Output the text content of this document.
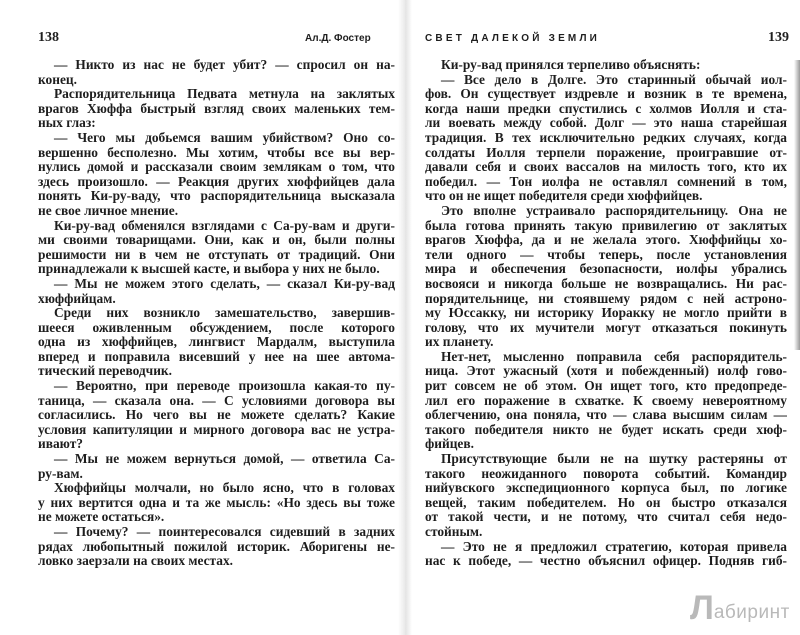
138	Ал.Д. Фостер	СВЕТ ДАЛЕКОЙ ЗЕМЛИ	139
— Никто из нас не будет убит? — спросил он на-
конец.
Распорядительница Педвата метнула на заклятых
врагов Хюффа быстрый взгляд своих маленьких тем-
ных глаз:
— Чего мы добьемся вашим убийством? Оно со-
вершенно бесполезно. Мы хотим, чтобы все вы вер-
нулись домой и рассказали своим землякам о том, что
здесь произошло. — Реакция других хюффийцев дала
понять Ки-ру-ваду, что распорядительница высказала
не свое личное мнение.
Ки-ру-вад обменялся взглядами с Са-ру-вам и други-
ми своими товарищами. Они, как и он, были полны
решимости ни в чем не отступать от традиций. Они
принадлежали к высшей касте, и выбора у них не было.
— Мы не можем этого сделать, — сказал Ки-ру-вад
хюффийцам.
Среди них возникло замешательство, завершив-
шееся оживленным обсуждением, после которого
одна из хюффийцев, лингвист Мардалм, выступила
вперед и поправила висевший у нее на шее автома-
тический переводчик.
— Вероятно, при переводе произошла какая-то пу-
таница, — сказала она. — С условиями договора вы
согласились. Но чего вы не можете сделать? Какие
условия капитуляции и мирного договора вас не устра-
ивают?
— Мы не можем вернуться домой, — ответила Са-
ру-вам.
Хюффийцы молчали, но было ясно, что в головах
у них вертится одна и та же мысль: «Но здесь вы тоже
не можете остаться».
— Почему? — поинтересовался сидевший в задних
рядах любопытный пожилой историк. Аборигены не-
ловко заерзали на своих местах.
Ки-ру-вад принялся терпеливо объяснять:
— Все дело в Долге. Это старинный обычай иол-
фов. Он существует издревле и возник в те времена,
когда наши предки спустились с холмов Иолля и ста-
ли воевать между собой. Долг — это наша старейшая
традиция. В тех исключительно редких случаях, когда
солдаты Иолля терпели поражение, проигравшие от-
давали себя и своих вассалов на милость того, кто их
победил. — Тон иолфа не оставлял сомнений в том,
что он не ищет победителя среди хюффийцев.
Это вполне устраивало распорядительницу. Она не
была готова принять такую привилегию от заклятых
врагов Хюффа, да и не желала этого. Хюффийцы хо-
тели одного — чтобы теперь, после установления
мира и обеспечения безопасности, иолфы убрались
восвояси и никогда больше не возвращались. Ни рас-
порядительнице, ни стоявшему рядом с ней астроно-
му Юссакку, ни историку Иоракку не могло прийти в
голову, что их мучители могут отказаться покинуть
их планету.
Нет-нет, мысленно поправила себя распорядитель-
ница. Этот ужасный (хотя и побежденный) иолф гово-
рит совсем не об этом. Он ищет того, кто предопреде-
лил его поражение в схватке. К своему невероятному
облегчению, она поняла, что — слава высшим силам —
такого победителя никто не будет искать среди хюф-
фийцев.
Присутствующие были не на шутку растеряны от
такого неожиданного поворота событий. Командир
нийувского экспедиционного корпуса был, по логике
вещей, таким победителем. Но он быстро отказался
от такой чести, и не потому, что считал себя недо-
стойным.
— Это не я предложил стратегию, которая привела
нас к победе, — честно объяснил офицер. Подняв гиб-
Л абиринт
